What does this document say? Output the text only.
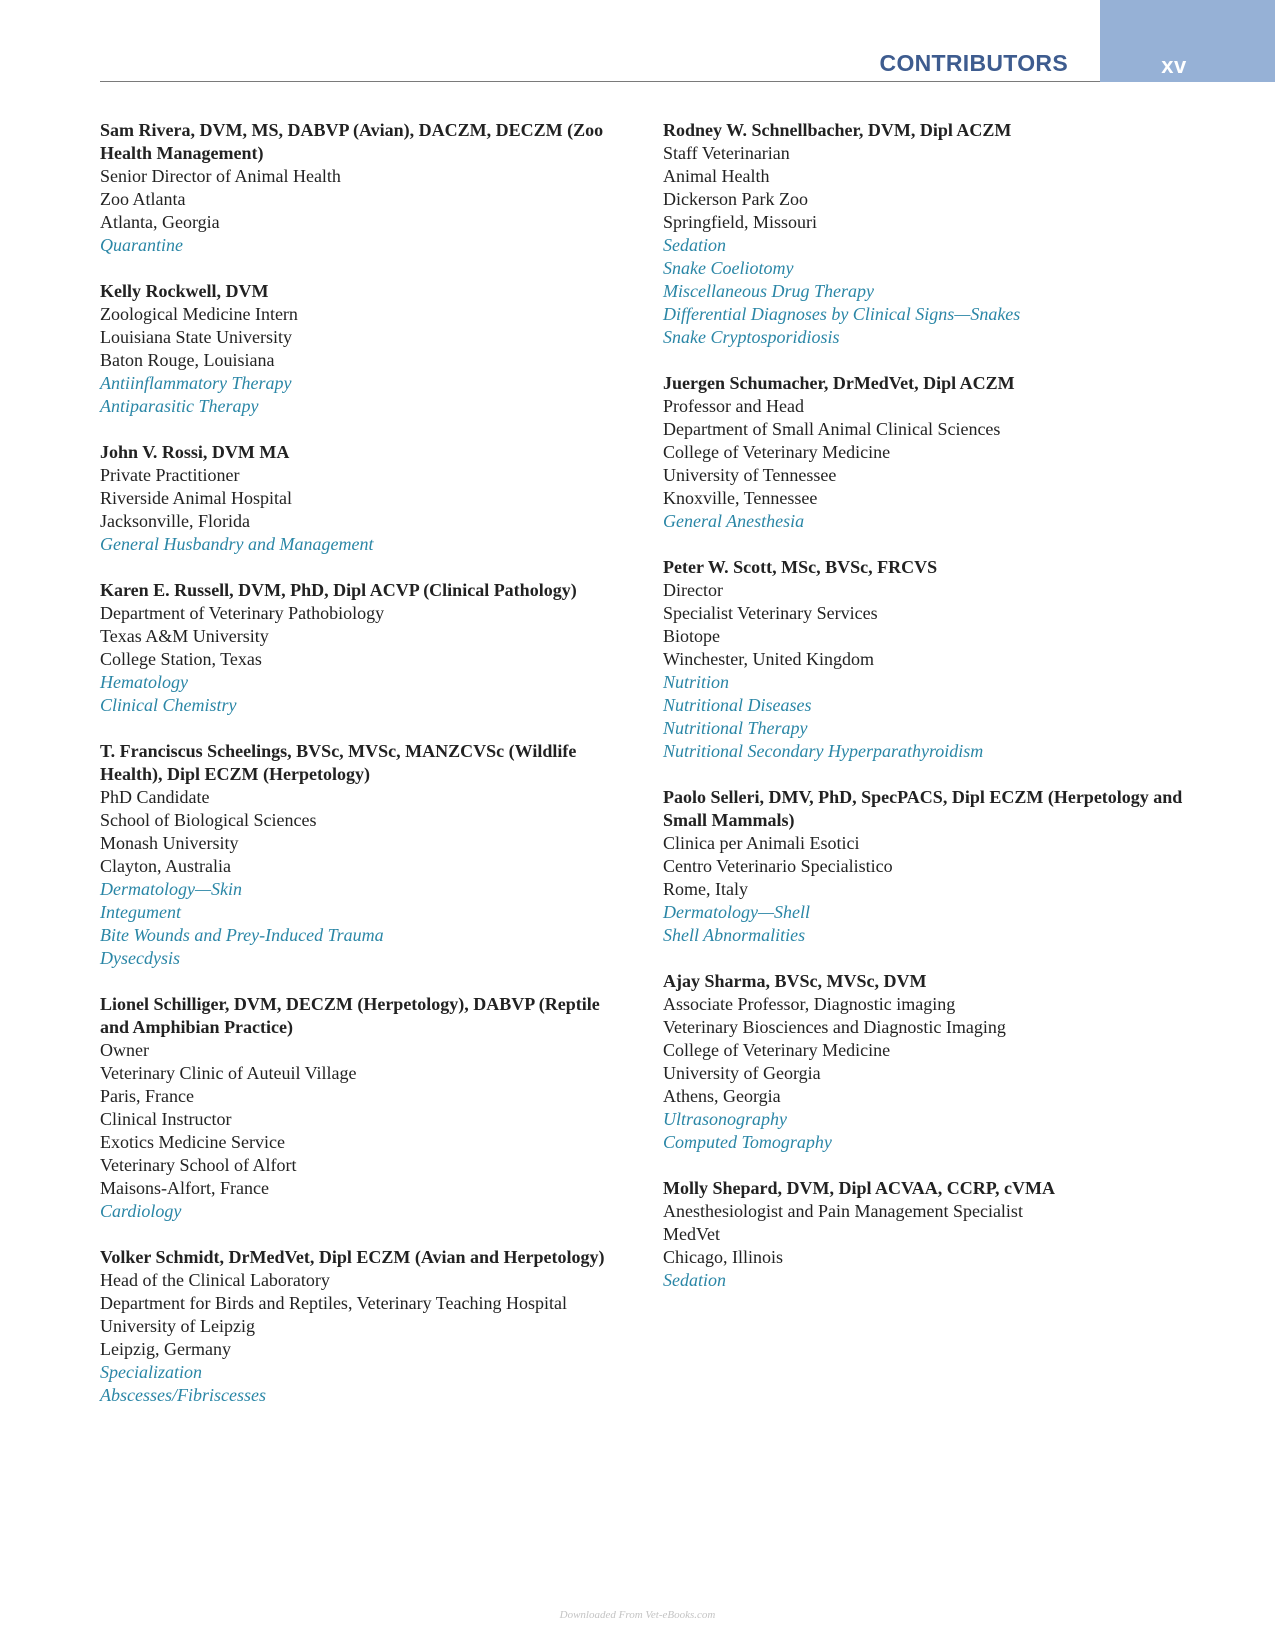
xv
CONTRIBUTORS
Sam Rivera, DVM, MS, DABVP (Avian), DACZM, DECZM (Zoo Health Management)
Senior Director of Animal Health
Zoo Atlanta
Atlanta, Georgia
Quarantine
Kelly Rockwell, DVM
Zoological Medicine Intern
Louisiana State University
Baton Rouge, Louisiana
Antiinflammatory Therapy
Antiparasitic Therapy
John V. Rossi, DVM MA
Private Practitioner
Riverside Animal Hospital
Jacksonville, Florida
General Husbandry and Management
Karen E. Russell, DVM, PhD, Dipl ACVP (Clinical Pathology)
Department of Veterinary Pathobiology
Texas A&M University
College Station, Texas
Hematology
Clinical Chemistry
T. Franciscus Scheelings, BVSc, MVSc, MANZCVSc (Wildlife Health), Dipl ECZM (Herpetology)
PhD Candidate
School of Biological Sciences
Monash University
Clayton, Australia
Dermatology—Skin
Integument
Bite Wounds and Prey-Induced Trauma
Dysecdysis
Lionel Schilliger, DVM, DECZM (Herpetology), DABVP (Reptile and Amphibian Practice)
Owner
Veterinary Clinic of Auteuil Village
Paris, France
Clinical Instructor
Exotics Medicine Service
Veterinary School of Alfort
Maisons-Alfort, France
Cardiology
Volker Schmidt, DrMedVet, Dipl ECZM (Avian and Herpetology)
Head of the Clinical Laboratory
Department for Birds and Reptiles, Veterinary Teaching Hospital
University of Leipzig
Leipzig, Germany
Specialization
Abscesses/Fibriscesses
Rodney W. Schnellbacher, DVM, Dipl ACZM
Staff Veterinarian
Animal Health
Dickerson Park Zoo
Springfield, Missouri
Sedation
Snake Coeliotomy
Miscellaneous Drug Therapy
Differential Diagnoses by Clinical Signs—Snakes
Snake Cryptosporidiosis
Juergen Schumacher, DrMedVet, Dipl ACZM
Professor and Head
Department of Small Animal Clinical Sciences
College of Veterinary Medicine
University of Tennessee
Knoxville, Tennessee
General Anesthesia
Peter W. Scott, MSc, BVSc, FRCVS
Director
Specialist Veterinary Services
Biotope
Winchester, United Kingdom
Nutrition
Nutritional Diseases
Nutritional Therapy
Nutritional Secondary Hyperparathyroidism
Paolo Selleri, DMV, PhD, SpecPACS, Dipl ECZM (Herpetology and Small Mammals)
Clinica per Animali Esotici
Centro Veterinario Specialistico
Rome, Italy
Dermatology—Shell
Shell Abnormalities
Ajay Sharma, BVSc, MVSc, DVM
Associate Professor, Diagnostic imaging
Veterinary Biosciences and Diagnostic Imaging
College of Veterinary Medicine
University of Georgia
Athens, Georgia
Ultrasonography
Computed Tomography
Molly Shepard, DVM, Dipl ACVAA, CCRP, cVMA
Anesthesiologist and Pain Management Specialist
MedVet
Chicago, Illinois
Sedation
Downloaded From Vet-eBooks.com
